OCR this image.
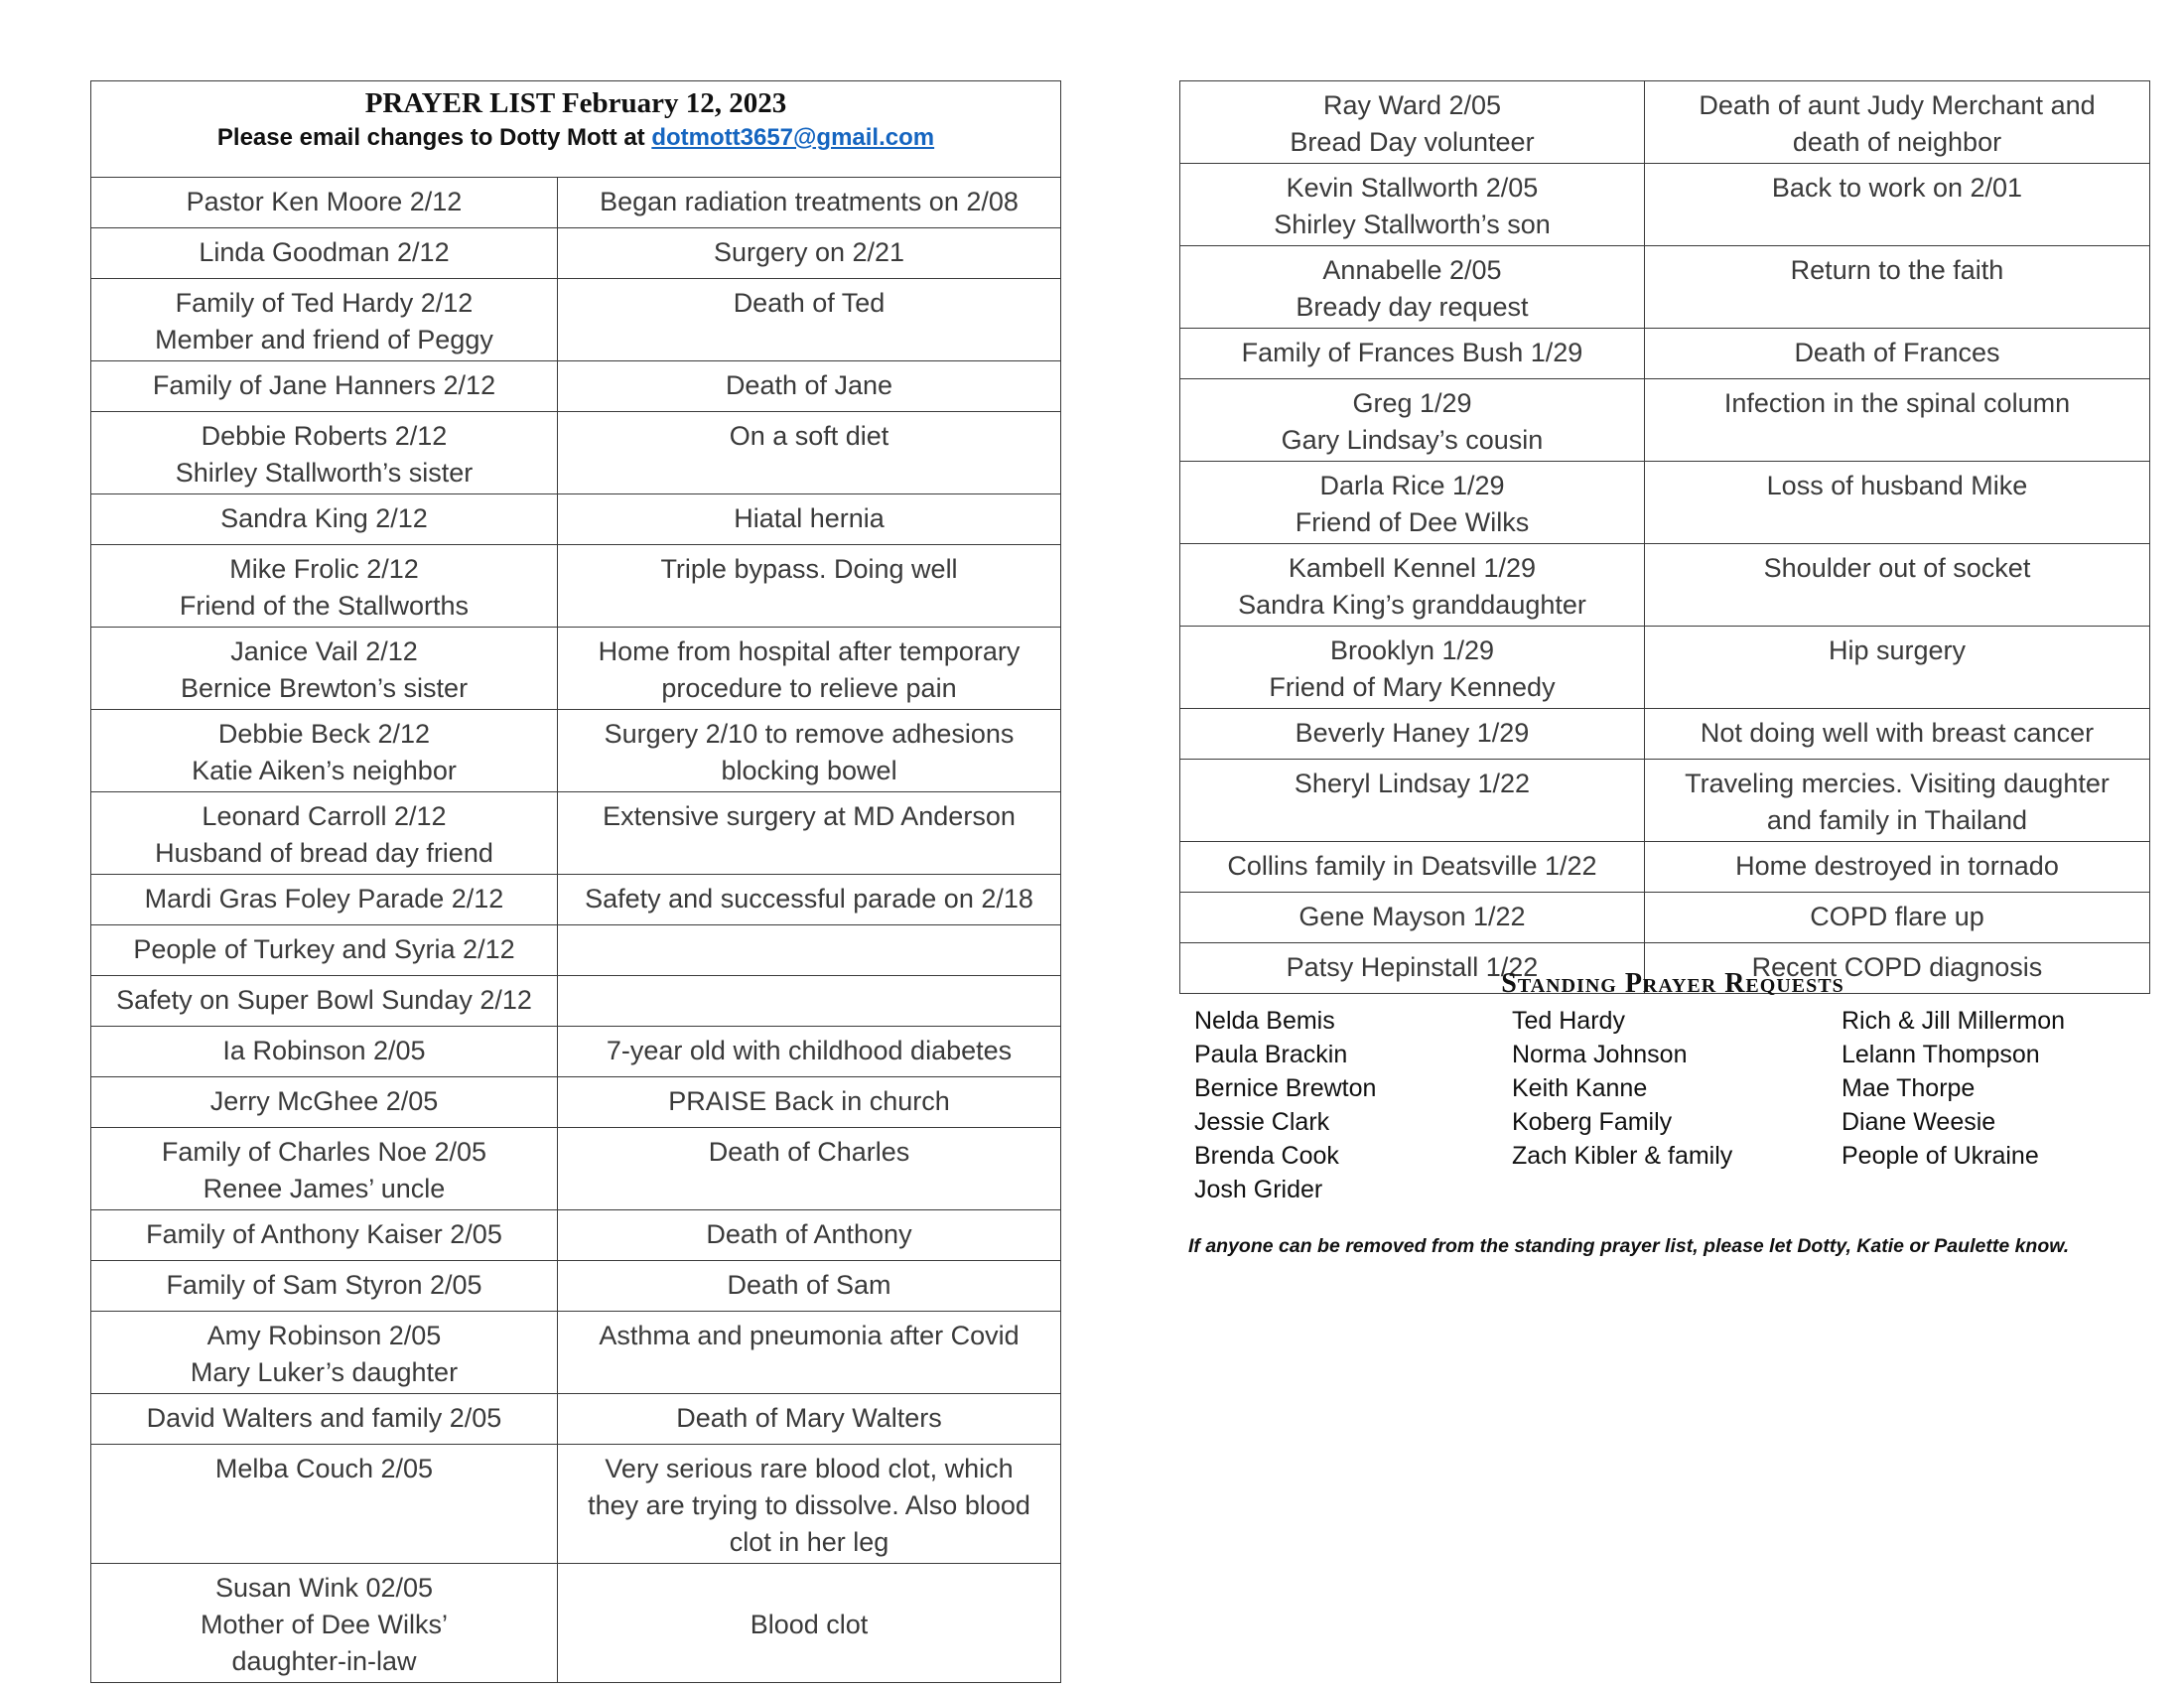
PRAYER LIST February 12, 2023
Please email changes to Dotty Mott at dotmott3657@gmail.com	

Pastor Ken Moore 2/12	Began radiation treatments on 2/08

Linda Goodman 2/12	Surgery on 2/21

Family of Ted Hardy 2/12
Member and friend of Peggy	Death of Ted

Family of Jane Hanners 2/12	Death of Jane

Debbie Roberts 2/12
Shirley Stallworth’s sister	On a soft diet

Sandra King 2/12	Hiatal hernia

Mike Frolic 2/12
Friend of the Stallworths	Triple bypass. Doing well

Janice Vail 2/12
Bernice Brewton’s sister	Home from hospital after temporary
procedure to relieve pain

Debbie Beck 2/12
Katie Aiken’s neighbor	Surgery 2/10 to remove adhesions
blocking bowel

Leonard Carroll 2/12
Husband of bread day friend	Extensive surgery at MD Anderson

Mardi Gras Foley Parade 2/12	Safety and successful parade on 2/18

People of Turkey and Syria 2/12	

Safety on Super Bowl Sunday 2/12	

Ia Robinson 2/05	7-year old with childhood diabetes

Jerry McGhee 2/05	PRAISE Back in church

Family of Charles Noe 2/05
Renee James’ uncle	Death of Charles

Family of Anthony Kaiser 2/05	Death of Anthony

Family of Sam Styron 2/05	Death of Sam

Amy Robinson 2/05
Mary Luker’s daughter	Asthma and pneumonia after Covid

David Walters and family 2/05	Death of Mary Walters

Melba Couch 2/05	Very serious rare blood clot, which
they are trying to dissolve. Also blood
clot in her leg

Susan Wink 02/05
Mother of Dee Wilks’
daughter-in-law	Blood clot
Ray Ward 2/05
Bread Day volunteer	Death of aunt Judy Merchant and
death of neighbor

Kevin Stallworth 2/05
Shirley Stallworth’s son	Back to work on 2/01

Annabelle 2/05
Bready day request	Return to the faith

Family of Frances Bush 1/29	Death of Frances

Greg 1/29
Gary Lindsay’s cousin	Infection in the spinal column

Darla Rice 1/29
Friend of Dee Wilks	Loss of husband Mike

Kambell Kennel 1/29
Sandra King’s granddaughter	Shoulder out of socket

Brooklyn 1/29
Friend of Mary Kennedy	Hip surgery

Beverly Haney 1/29	Not doing well with breast cancer

Sheryl Lindsay 1/22	Traveling mercies. Visiting daughter
and family in Thailand

Collins family in Deatsville 1/22	Home destroyed in tornado

Gene Mayson 1/22	COPD flare up

Patsy Hepinstall 1/22	Recent COPD diagnosis
Standing Prayer Requests
Nelda Bemis
Paula Brackin
Bernice Brewton
Jessie Clark
Brenda Cook
Josh Grider
Ted Hardy
Norma Johnson
Keith Kanne
Koberg Family
Zach Kibler & family
Rich & Jill Millermon
Lelann Thompson
Mae Thorpe
Diane Weesie
People of Ukraine
If anyone can be removed from the standing prayer list, please let Dotty, Katie or Paulette know.
